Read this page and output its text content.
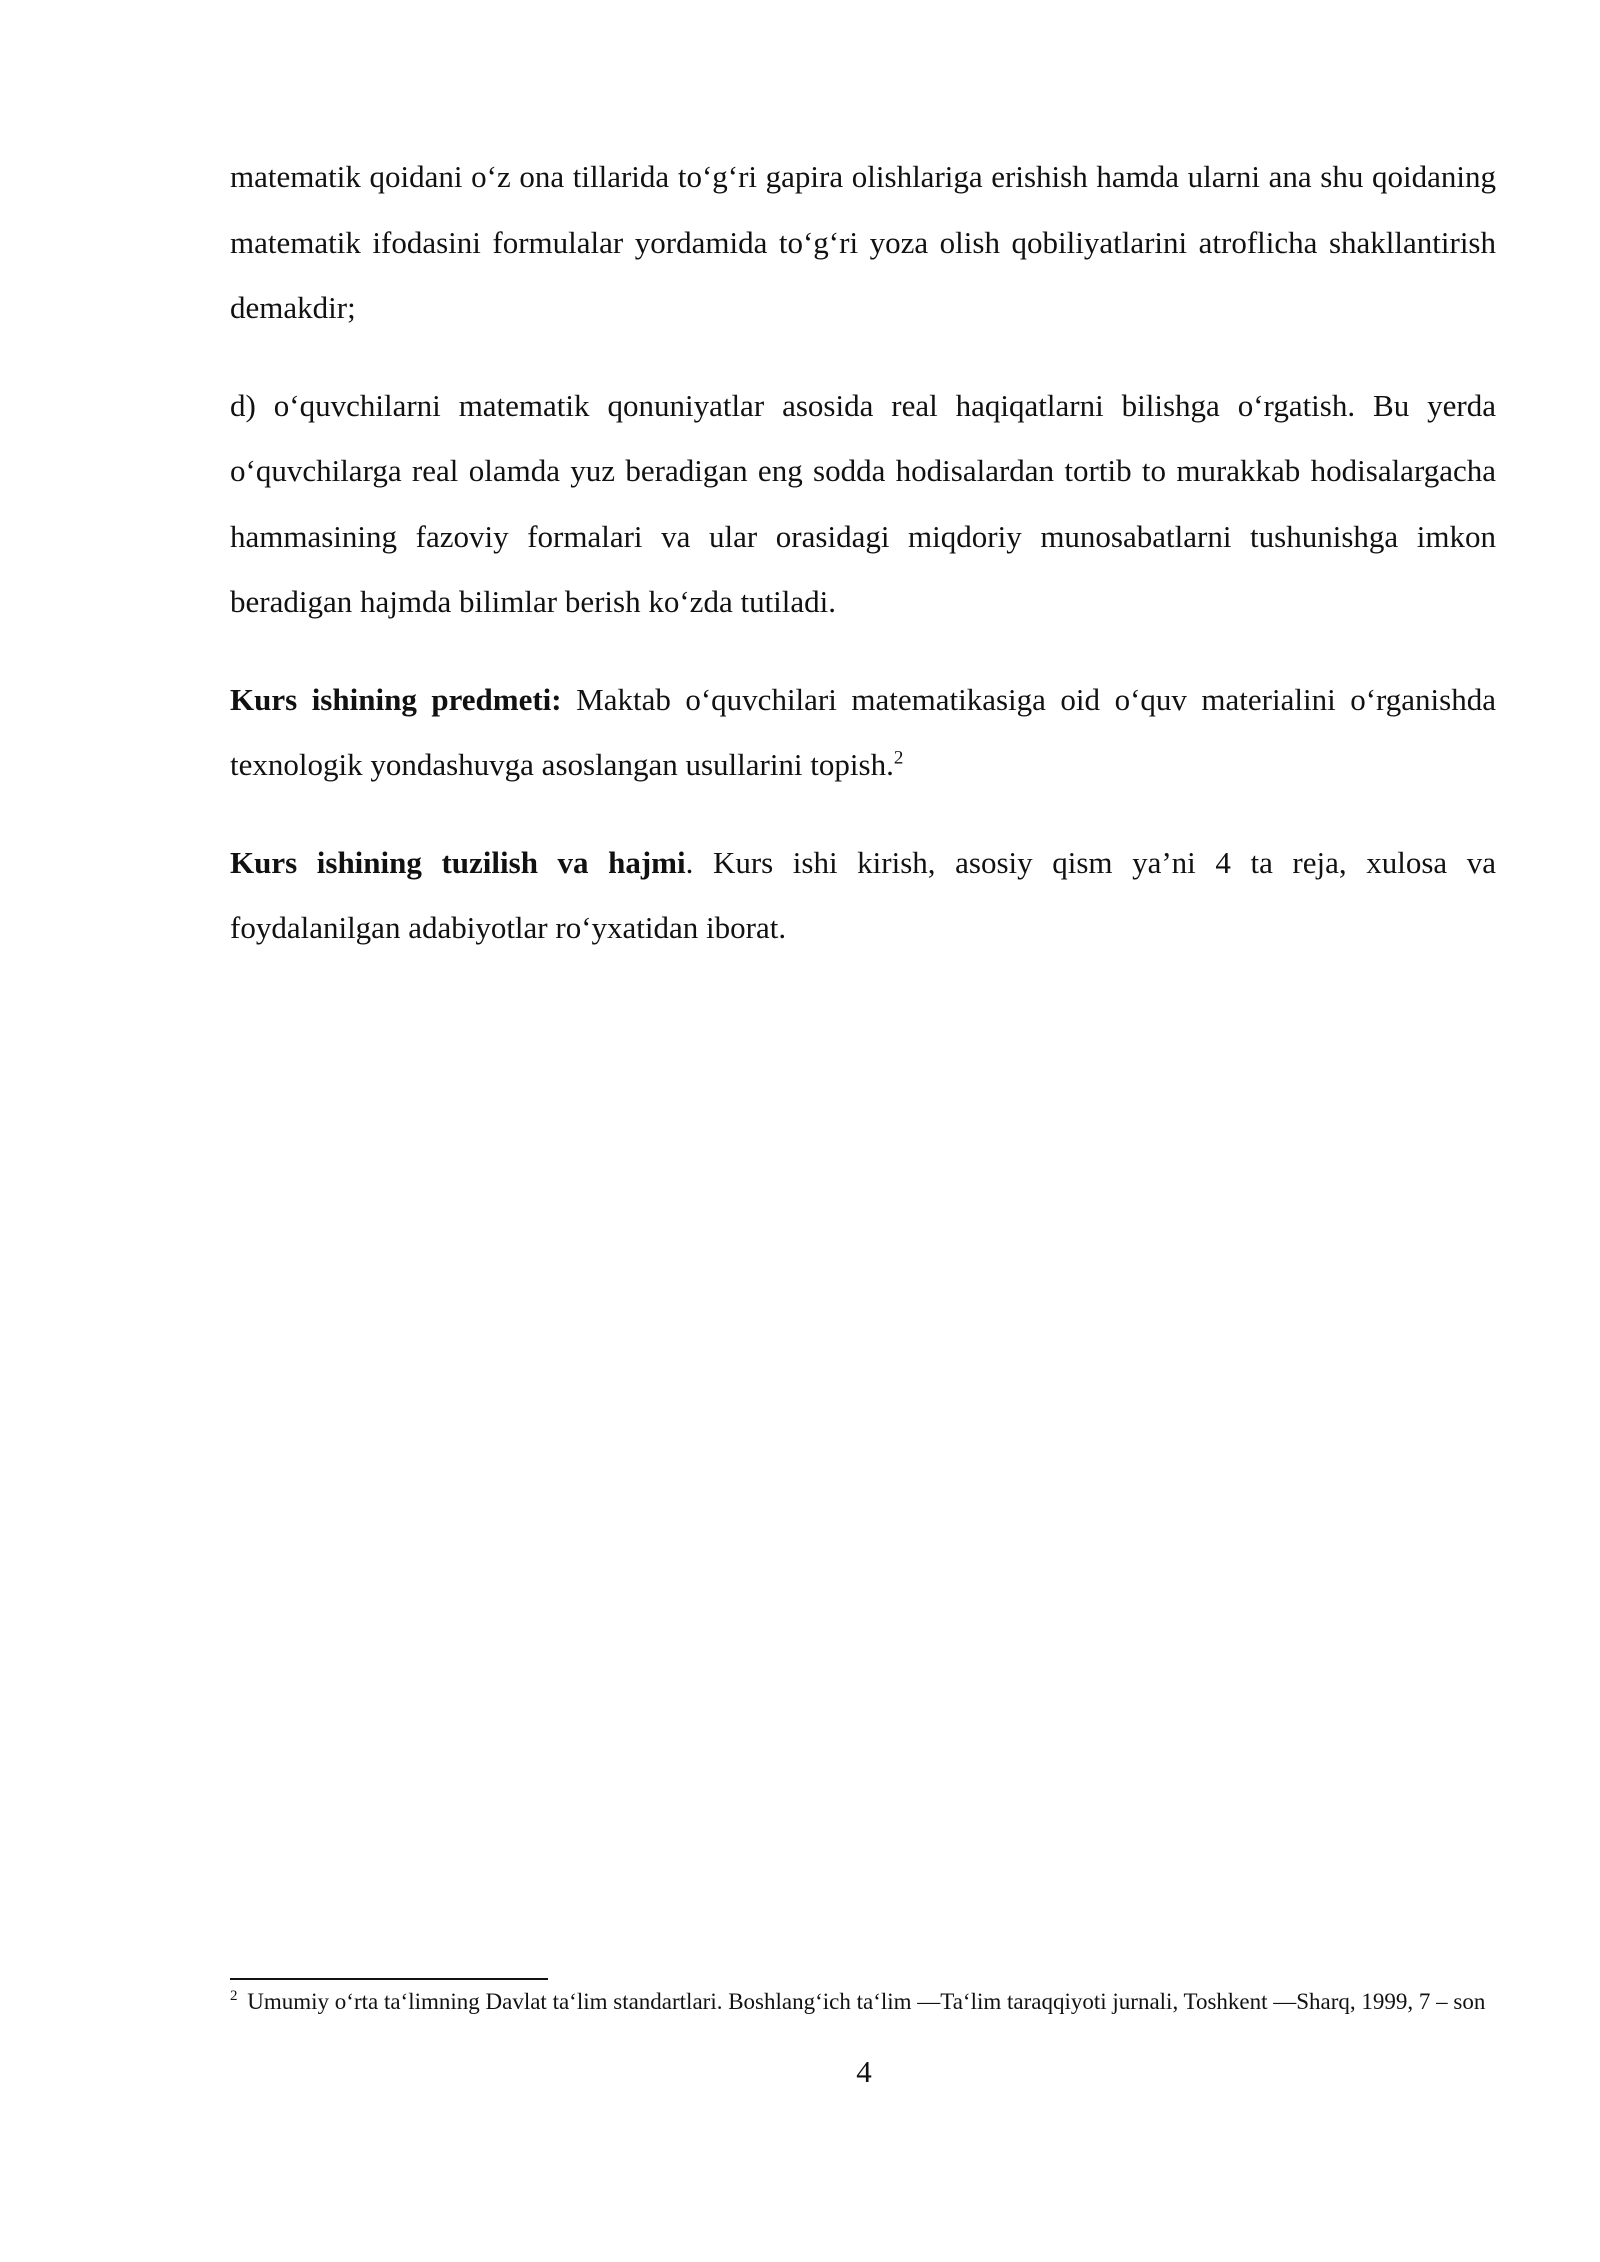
matematik qoidani o‘z ona tillarida to‘g‘ri gapira olishlariga erishish hamda ularni ana shu qoidaning matematik ifodasini formulalar yordamida to‘g‘ri yoza olish qobiliyatlarini atroflicha shakllantirish demakdir;

d) o‘quvchilarni matematik qonuniyatlar asosida real haqiqatlarni bilishga o‘rgatish. Bu yerda o‘quvchilarga real olamda yuz beradigan eng sodda hodisalardan tortib to murakkab hodisalargacha hammasining fazoviy formalari va ular orasidagi miqdoriy munosabatlarni tushunishga imkon beradigan hajmda bilimlar berish ko‘zda tutiladi.

Kurs ishining predmeti: Maktab o‘quvchilari matematikasiga oid o‘quv materialini o‘rganishda texnologik yondashuvga asoslangan usullarini topish.$^2$

Kurs ishining tuzilish va hajmi. Kurs ishi kirish, asosiy qism ya’ni 4 ta reja, xulosa va foydalanilgan adabiyotlar ro‘yxatidan iborat.

$^2$ Umumiy o‘rta ta‘limning Davlat ta‘lim standartlari. Boshlang‘ich ta‘lim —Ta‘lim taraqqiyoti jurnali, Toshkent —Sharq, 1999, 7 – son
4
